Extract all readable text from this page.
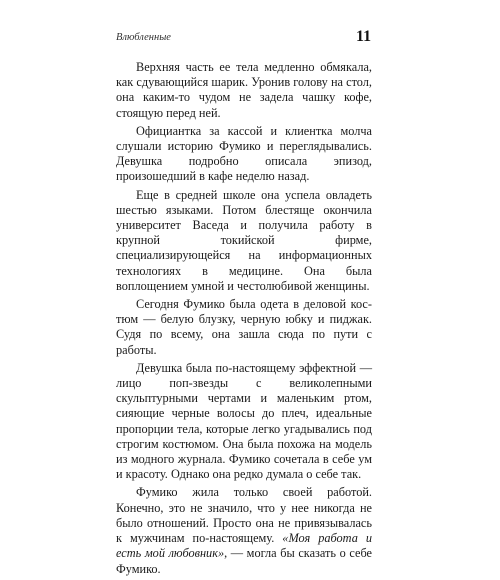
Влюбленные	11

Верхняя часть ее тела медленно обмякала, как сдувающийся шарик. Уронив голову на стол, она каким-то чудом не задела чашку кофе, стоящую перед ней.

Официантка за кассой и клиентка молча слушали историю Фумико и переглядывались. Девушка подробно описала эпизод, произошедший в кафе неделю назад.

Еще в средней школе она успела овладеть шестью языками. Потом блестяще окончила университет Васеда и получила работу в крупной токийской фирме, специализирующейся на информационных технологиях в медицине. Она была воплощением умной и честолюбивой женщины.

Сегодня Фумико была одета в деловой костюм — белую блузку, черную юбку и пиджак. Судя по всему, она зашла сюда по пути с работы.

Девушка была по-настоящему эффектной — лицо поп-звезды с великолепными скульптурными чертами и маленьким ртом, сияющие черные волосы до плеч, идеальные пропорции тела, которые легко угадывались под строгим костюмом. Она была похожа на модель из модного журнала. Фумико сочетала в себе ум и красоту. Однако она редко думала о себе так.

Фумико жила только своей работой. Конечно, это не значило, что у нее никогда не было отношений. Просто она не привязывалась к мужчинам по-настоящему. «Моя работа и есть мой любовник», — могла бы сказать о себе Фумико.
